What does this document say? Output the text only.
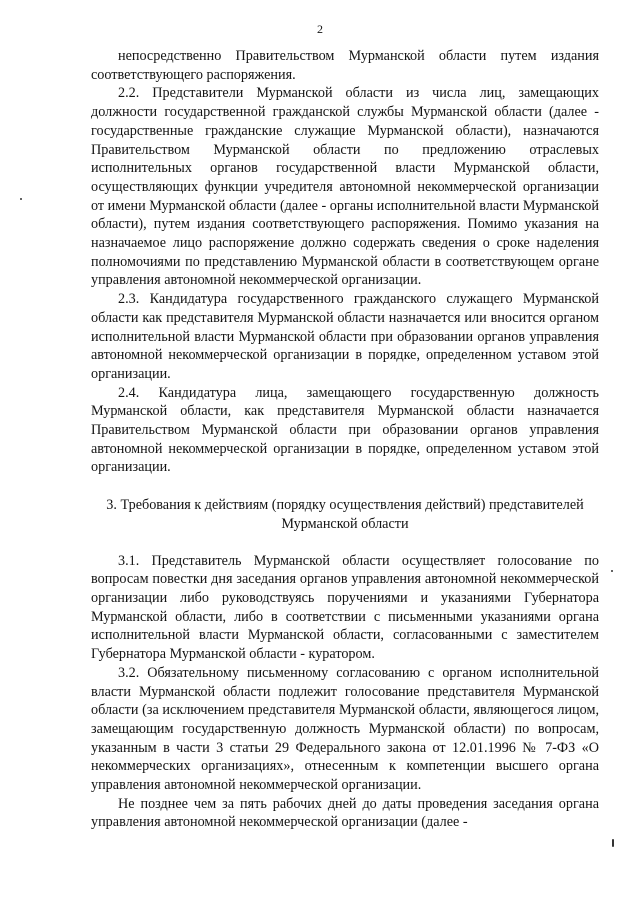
2

непосредственно Правительством Мурманской области путем издания соответствующего распоряжения.

2.2. Представители Мурманской области из числа лиц, замещающих должности государственной гражданской службы Мурманской области (далее - государственные гражданские служащие Мурманской области), назначаются Правительством Мурманской области по предложению отраслевых исполнительных органов государственной власти Мурманской области, осуществляющих функции учредителя автономной некоммерческой организации от имени Мурманской области (далее - органы исполнительной власти Мурманской области), путем издания соответствующего распоряжения. Помимо указания на назначаемое лицо распоряжение должно содержать сведения о сроке наделения полномочиями по представлению Мурманской области в соответствующем органе управления автономной некоммерческой организации.

2.3. Кандидатура государственного гражданского служащего Мурманской области как представителя Мурманской области назначается или вносится органом исполнительной власти Мурманской области при образовании органов управления автономной некоммерческой организации в порядке, определенном уставом этой организации.

2.4. Кандидатура лица, замещающего государственную должность Мурманской области, как представителя Мурманской области назначается Правительством Мурманской области при образовании органов управления автономной некоммерческой организации в порядке, определенном уставом этой организации.

3. Требования к действиям (порядку осуществления действий) представителей Мурманской области

3.1. Представитель Мурманской области осуществляет голосование по вопросам повестки дня заседания органов управления автономной некоммерческой организации либо руководствуясь поручениями и указаниями Губернатора Мурманской области, либо в соответствии с письменными указаниями органа исполнительной власти Мурманской области, согласованными с заместителем Губернатора Мурманской области - куратором.

3.2. Обязательному письменному согласованию с органом исполнительной власти Мурманской области подлежит голосование представителя Мурманской области (за исключением представителя Мурманской области, являющегося лицом, замещающим государственную должность Мурманской области) по вопросам, указанным в части 3 статьи 29 Федерального закона от 12.01.1996 № 7-ФЗ «О некоммерческих организациях», отнесенным к компетенции высшего органа управления автономной некоммерческой организации.

Не позднее чем за пять рабочих дней до даты проведения заседания органа управления автономной некоммерческой организации (далее -
